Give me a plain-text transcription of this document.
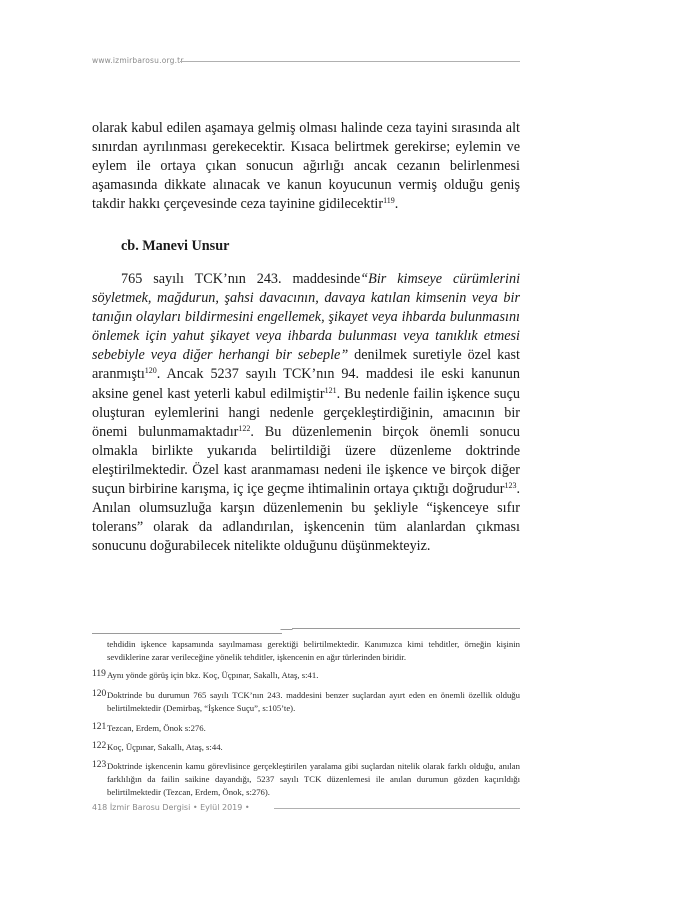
www.izmirbarosu.org.tr

olarak kabul edilen aşamaya gelmiş olması halinde ceza tayini sırasında alt sınırdan ayrılınması gerekecektir. Kısaca belirtmek gerekirse; eylemin ve eylem ile ortaya çıkan sonucun ağırlığı ancak cezanın belirlenmesi aşamasında dikkate alınacak ve kanun koyucunun vermiş olduğu geniş takdir hakkı çerçevesinde ceza tayinine gidilecektir$^{119}$.

cb. Manevi Unsur

765 sayılı TCK’nın 243. maddesinde“Bir kimseye cürümlerini söyletmek, mağdurun, şahsi davacının, davaya katılan kimsenin veya bir tanığın olayları bildirmesini engellemek, şikayet veya ihbarda bulunmasını önlemek için yahut şikayet veya ihbarda bulunması veya tanıklık etmesi sebebiyle veya diğer herhangi bir sebeple” denilmek suretiyle özel kast aranmıştı$^{120}$. Ancak 5237 sayılı TCK’nın 94. maddesi ile eski kanunun aksine genel kast yeterli kabul edilmiştir$^{121}$. Bu nedenle failin işkence suçu oluşturan eylemlerini hangi nedenle gerçekleştirdiğinin, amacının bir önemi bulunmamaktadır$^{122}$. Bu düzenlemenin birçok önemli sonucu olmakla birlikte yukarıda belirtildiği üzere düzenleme doktrinde eleştirilmektedir. Özel kast aranmaması nedeni ile işkence ve birçok diğer suçun birbirine karışma, iç içe geçme ihtimalinin ortaya çıktığı doğrudur$^{123}$. Anılan olumsuzluğa karşın düzenlemenin bu şekliyle “işkenceye sıfır tolerans” olarak da adlandırılan, işkencenin tüm alanlardan çıkması sonucunu doğurabilecek nitelikte olduğunu düşünmekteyiz.

tehdidin işkence kapsamında sayılmaması gerektiği belirtilmektedir. Kanımızca kimi tehditler, örneğin kişinin sevdiklerine zarar verileceğine yönelik tehditler, işkencenin en ağır türlerinden biridir.
119 Aynı yönde görüş için bkz. Koç, Üçpınar, Sakallı, Ataş, s:41.
120 Doktrinde bu durumun 765 sayılı TCK’nın 243. maddesini benzer suçlardan ayırt eden en önemli özellik olduğu belirtilmektedir (Demirbaş, “İşkence Suçu”, s:105’te).
121 Tezcan, Erdem, Önok s:276.
122 Koç, Üçpınar, Sakallı, Ataş, s:44.
123 Doktrinde işkencenin kamu görevlisince gerçekleştirilen yaralama gibi suçlardan nitelik olarak farklı olduğu, anılan farklılığın da failin saikine dayandığı, 5237 sayılı TCK düzenlemesi ile anılan durumun gözden kaçırıldığı belirtilmektedir (Tezcan, Erdem, Önok, s:276).
418 İzmir Barosu Dergisi • Eylül 2019 •
